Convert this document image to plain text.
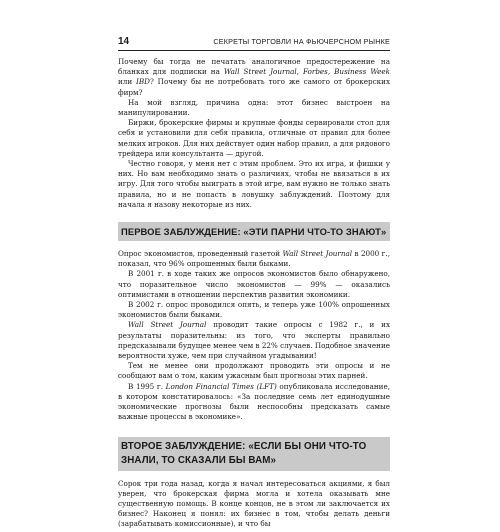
14	СЕКРЕТЫ ТОРГОВЛИ НА ФЬЮЧЕРСНОМ РЫНКЕ

Почему бы тогда не печатать аналогичное предостережение на бланках для подписки на Wall Street Journal, Forbes, Business Week или IBD? Почему бы не потребовать того же самого от брокерских фирм?

На мой взгляд, причина одна: этот бизнес выстроен на манипулировании.

Биржи, брокерские фирмы и крупные фонды сервировали стол для себя и установили для себя правила, отличные от правил для более мелких игроков. Для них действует один набор правил, а для рядового трейдера или консультанта — другой.

Честно говоря, у меня нет с этим проблем. Это их игра, и фишки у них. Но вам необходимо знать о различиях, чтобы не ввязаться в их игру. Для того чтобы выиграть в этой игре, вам нужно не только знать правила, но и не попасть в ловушку заблуждений. Поэтому для начала я назову некоторые из них.

ПЕРВОЕ ЗАБЛУЖДЕНИЕ: «ЭТИ ПАРНИ ЧТО-ТО ЗНАЮТ»

Опрос экономистов, проведенный газетой Wall Street Journal в 2000 г., показал, что 96% опрошенных были быками.

В 2001 г. в ходе таких же опросов экономистов было обнаружено, что поразительное число экономистов — 99% — оказались оптимистами в отношении перспектив развития экономики.

В 2002 г. опрос проводился опять, и теперь уже 100% опрошенных экономистов были быками.

Wall Street Journal проводит такие опросы с 1982 г., и их результаты поразительны: из того, что эксперты правильно предсказывали будущее менее чем в 22% случаев. Подобное значение вероятности хуже, чем при случайном угадывании!

Тем не менее они продолжают проводить эти опросы и не сообщают вам о том, каким ужасным был прогнозы этих парней.

В 1995 г. London Financial Times (LFT) опубликовала исследование, в котором констатировалось: «За последние семь лет единодушные экономические прогнозы были неспособны предсказать самые важные процессы в экономике».

ВТОРОЕ ЗАБЛУЖДЕНИЕ: «ЕСЛИ БЫ ОНИ ЧТО-ТО ЗНАЛИ, ТО СКАЗАЛИ БЫ ВАМ»

Сорок три года назад, когда я начал интересоваться акциями, я был уверен, что брокерская фирма могла и хотела оказывать мне существенную помощь. В конце концов, не в этом ли заключается их бизнес? Наконец я понял: их бизнес в том, чтобы делать деньги (зарабатывать комиссионные), и что бы
